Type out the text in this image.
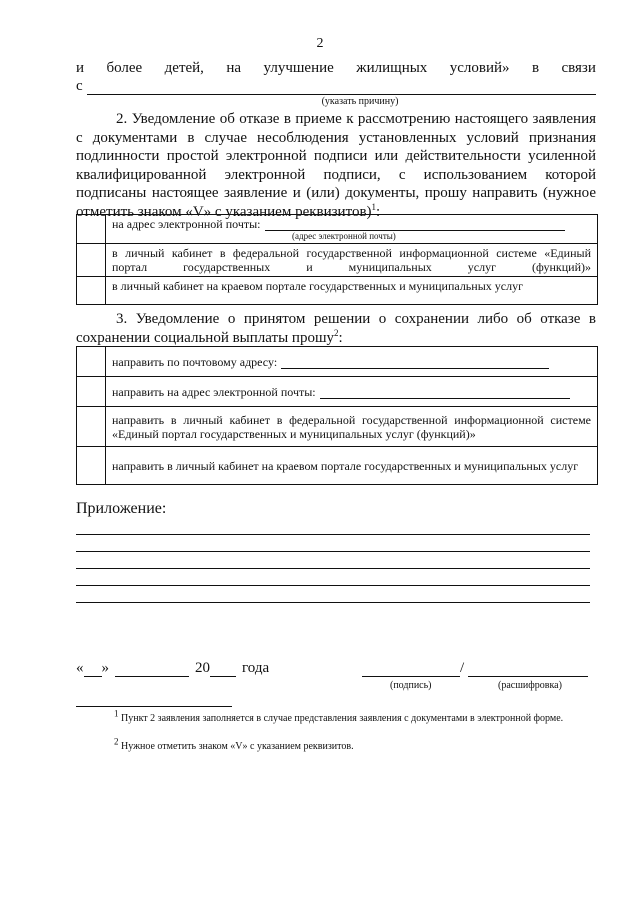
2
и более детей, на улучшение жилищных условий» в связи
с
(указать причину)
2. Уведомление об отказе в приеме к рассмотрению настоящего заявления с документами в случае несоблюдения установленных условий признания подлинности простой электронной подписи или действительности усиленной квалифицированной электронной подписи, с использованием которой подписаны настоящее заявление и (или) документы, прошу направить (нужное отметить знаком «V» с указанием реквизитов)$^1$:
	на адрес электронной почты:
(адрес электронной почты)

	в личный кабинет в федеральной государственной информационной системе «Единый портал государственных и муниципальных услуг (функций)»
	в личный кабинет на краевом портале государственных и муниципальных услуг
3. Уведомление о принятом решении о сохранении либо об отказе в сохранении социальной выплаты прошу$^2$:
	направить по почтовому адресу:
	направить на адрес электронной почты:
	направить в личный кабинет в федеральной государственной информационной системе «Единый портал государственных и муниципальных услуг (функций)»
	направить в личный кабинет на краевом портале государственных и муниципальных услуг
Приложение:
« »	20 года	/
(подпись)	(расшифровка)
$^1$ Пункт 2 заявления заполняется в случае представления заявления с документами в электронной форме.
$^2$ Нужное отметить знаком «V» с указанием реквизитов.
